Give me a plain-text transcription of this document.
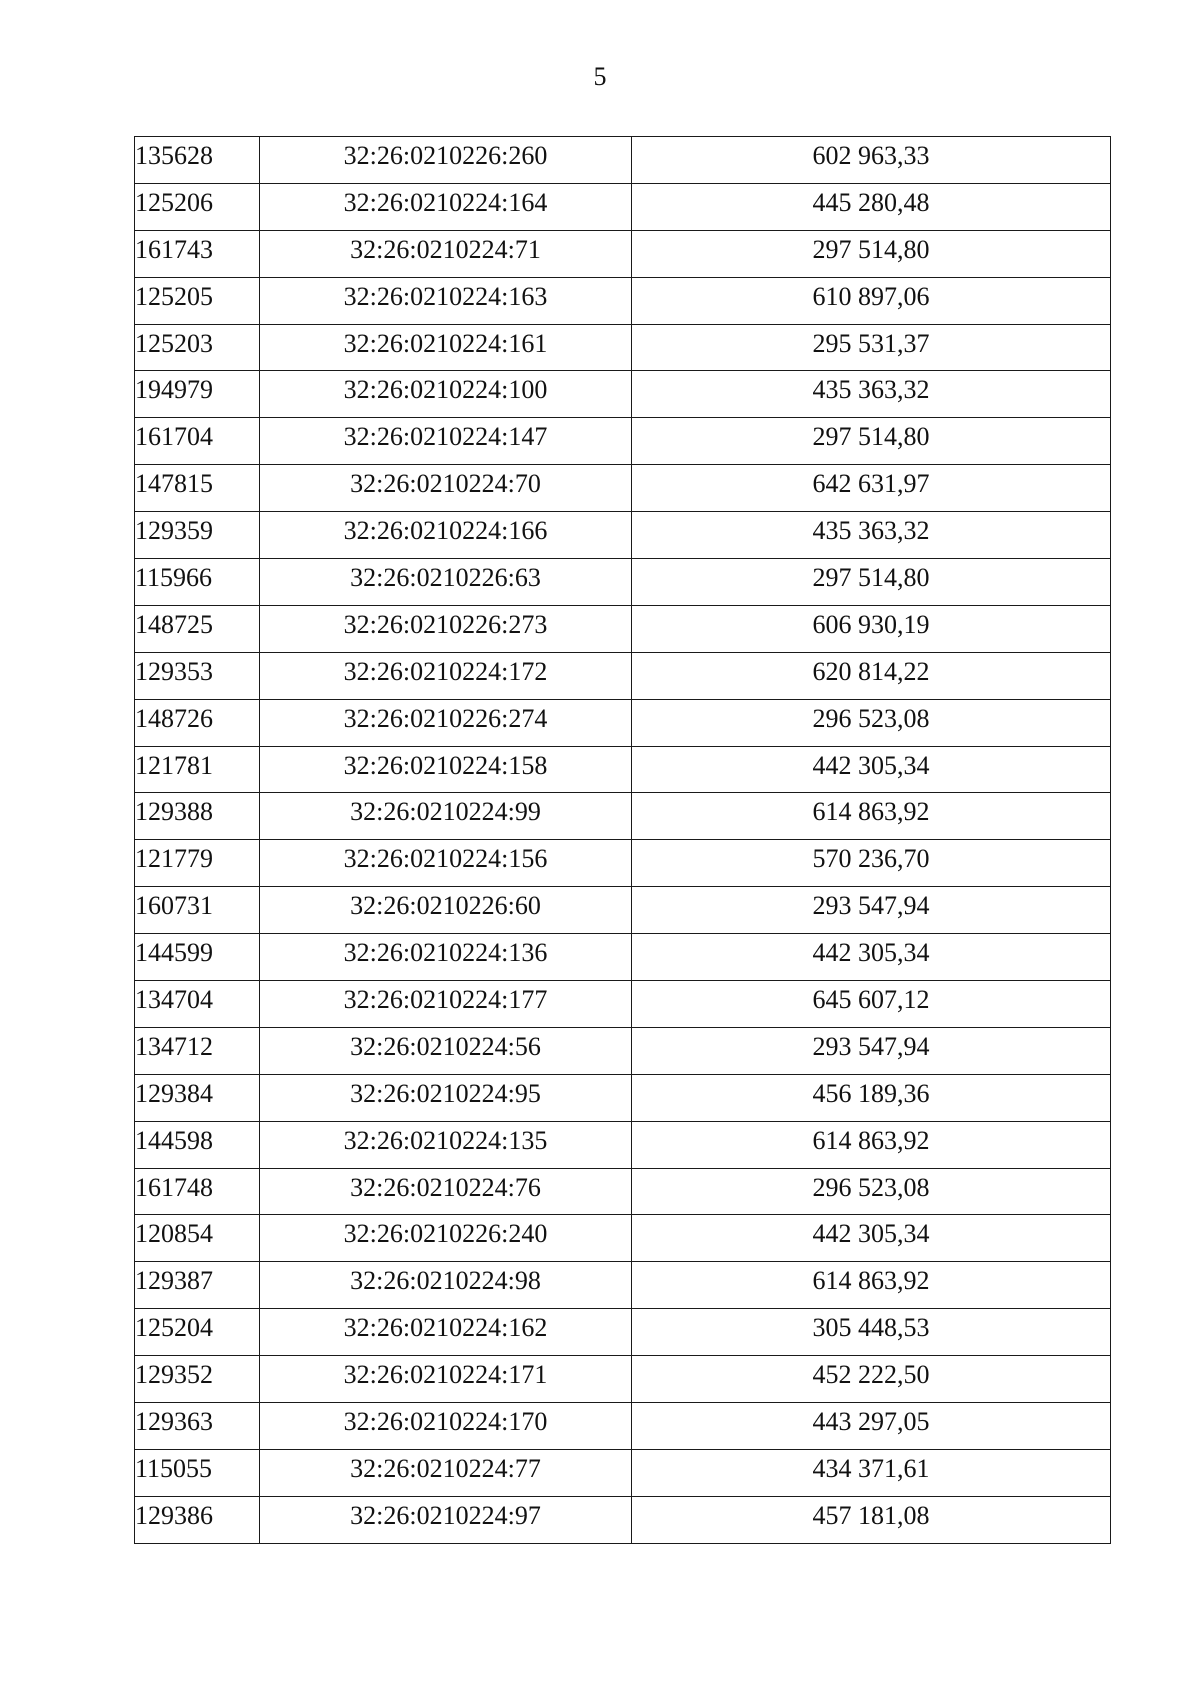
5
135628	32:26:0210226:260	602 963,33
125206	32:26:0210224:164	445 280,48
161743	32:26:0210224:71	297 514,80
125205	32:26:0210224:163	610 897,06
125203	32:26:0210224:161	295 531,37
194979	32:26:0210224:100	435 363,32
161704	32:26:0210224:147	297 514,80
147815	32:26:0210224:70	642 631,97
129359	32:26:0210224:166	435 363,32
115966	32:26:0210226:63	297 514,80
148725	32:26:0210226:273	606 930,19
129353	32:26:0210224:172	620 814,22
148726	32:26:0210226:274	296 523,08
121781	32:26:0210224:158	442 305,34
129388	32:26:0210224:99	614 863,92
121779	32:26:0210224:156	570 236,70
160731	32:26:0210226:60	293 547,94
144599	32:26:0210224:136	442 305,34
134704	32:26:0210224:177	645 607,12
134712	32:26:0210224:56	293 547,94
129384	32:26:0210224:95	456 189,36
144598	32:26:0210224:135	614 863,92
161748	32:26:0210224:76	296 523,08
120854	32:26:0210226:240	442 305,34
129387	32:26:0210224:98	614 863,92
125204	32:26:0210224:162	305 448,53
129352	32:26:0210224:171	452 222,50
129363	32:26:0210224:170	443 297,05
115055	32:26:0210224:77	434 371,61
129386	32:26:0210224:97	457 181,08
